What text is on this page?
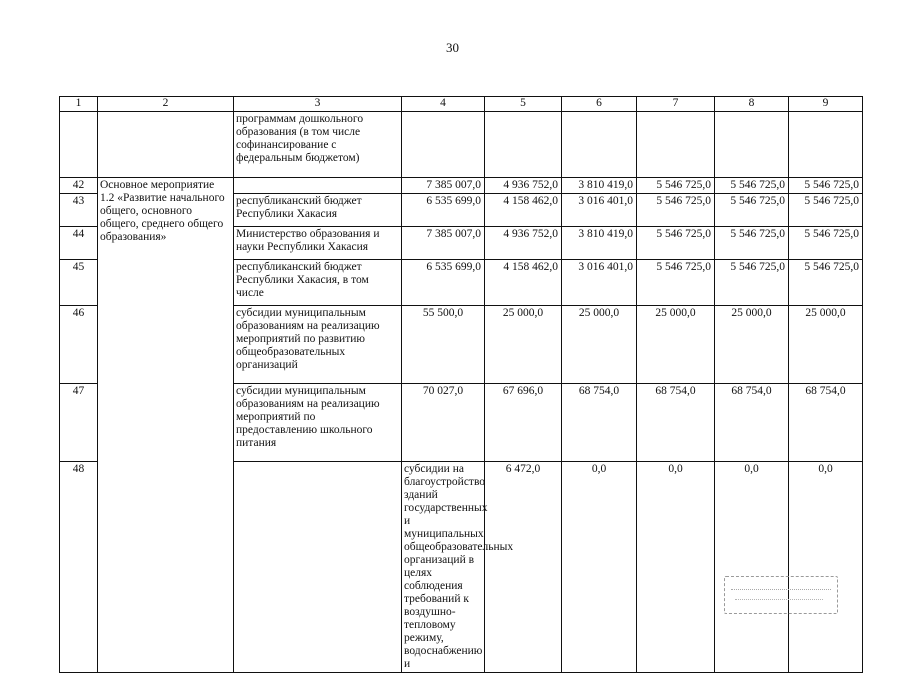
30
1	2	3	4	5	6	7	8	9	
		программам дошкольного образования (в том числе софинансирование с федеральным бюджетом)							
42	Основное мероприятие 1.2 «Развитие начального общего, основного общего, среднего общего образования»		7 385 007,0	4 936 752,0	3 810 419,0	5 546 725,0	5 546 725,0	5 546 725,0	
43		республиканский бюджет Республики Хакасия	6 535 699,0	4 158 462,0	3 016 401,0	5 546 725,0	5 546 725,0	5 546 725,0	
44		Министерство образования и науки Республики Хакасия	7 385 007,0	4 936 752,0	3 810 419,0	5 546 725,0	5 546 725,0	5 546 725,0	
45		республиканский бюджет Республики Хакасия, в том числе	6 535 699,0	4 158 462,0	3 016 401,0	5 546 725,0	5 546 725,0	5 546 725,0	
46		субсидии муниципальным образованиям на реализацию мероприятий по развитию общеобразовательных организаций	55 500,0	25 000,0	25 000,0	25 000,0	25 000,0	25 000,0	
47		субсидии муниципальным образованиям на реализацию мероприятий по предоставлению школьного питания	70 027,0	67 696,0	68 754,0	68 754,0	68 754,0	68 754,0	
48			субсидии на благоустройство зданий государственных и муниципальных общеобразовательных организаций в целях соблюдения требований к воздушно-тепловому режиму, водоснабжению и	6 472,0	0,0	0,0	0,0	0,0	
